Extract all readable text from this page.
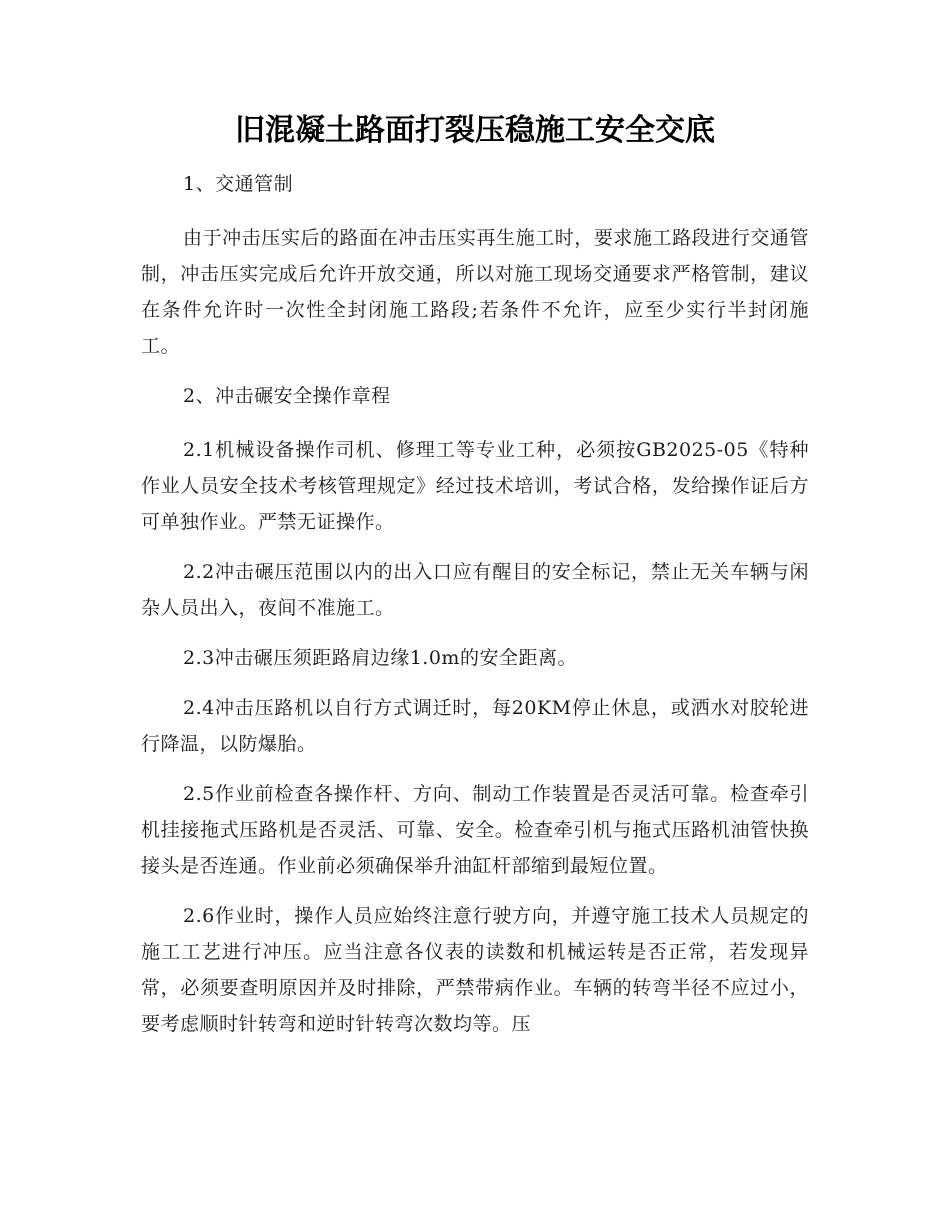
旧混凝土路面打裂压稳施工安全交底

1、交通管制

由于冲击压实后的路面在冲击压实再生施工时，要求施工路段进行交通管制，冲击压实完成后允许开放交通，所以对施工现场交通要求严格管制，建议在条件允许时一次性全封闭施工路段;若条件不允许，应至少实行半封闭施工。

2、冲击碾安全操作章程

2.1机械设备操作司机、修理工等专业工种，必须按GB2025-05《特种作业人员安全技术考核管理规定》经过技术培训，考试合格，发给操作证后方可单独作业。严禁无证操作。

2.2冲击碾压范围以内的出入口应有醒目的安全标记，禁止无关车辆与闲杂人员出入，夜间不准施工。

2.3冲击碾压须距路肩边缘1.0m的安全距离。

2.4冲击压路机以自行方式调迁时，每20KM停止休息，或洒水对胶轮进行降温，以防爆胎。

2.5作业前检查各操作杆、方向、制动工作装置是否灵活可靠。检查牵引机挂接拖式压路机是否灵活、可靠、安全。检查牵引机与拖式压路机油管快换接头是否连通。作业前必须确保举升油缸杆部缩到最短位置。

2.6作业时，操作人员应始终注意行驶方向，并遵守施工技术人员规定的施工工艺进行冲压。应当注意各仪表的读数和机械运转是否正常，若发现异常，必须要查明原因并及时排除，严禁带病作业。车辆的转弯半径不应过小，要考虑顺时针转弯和逆时针转弯次数均等。压
